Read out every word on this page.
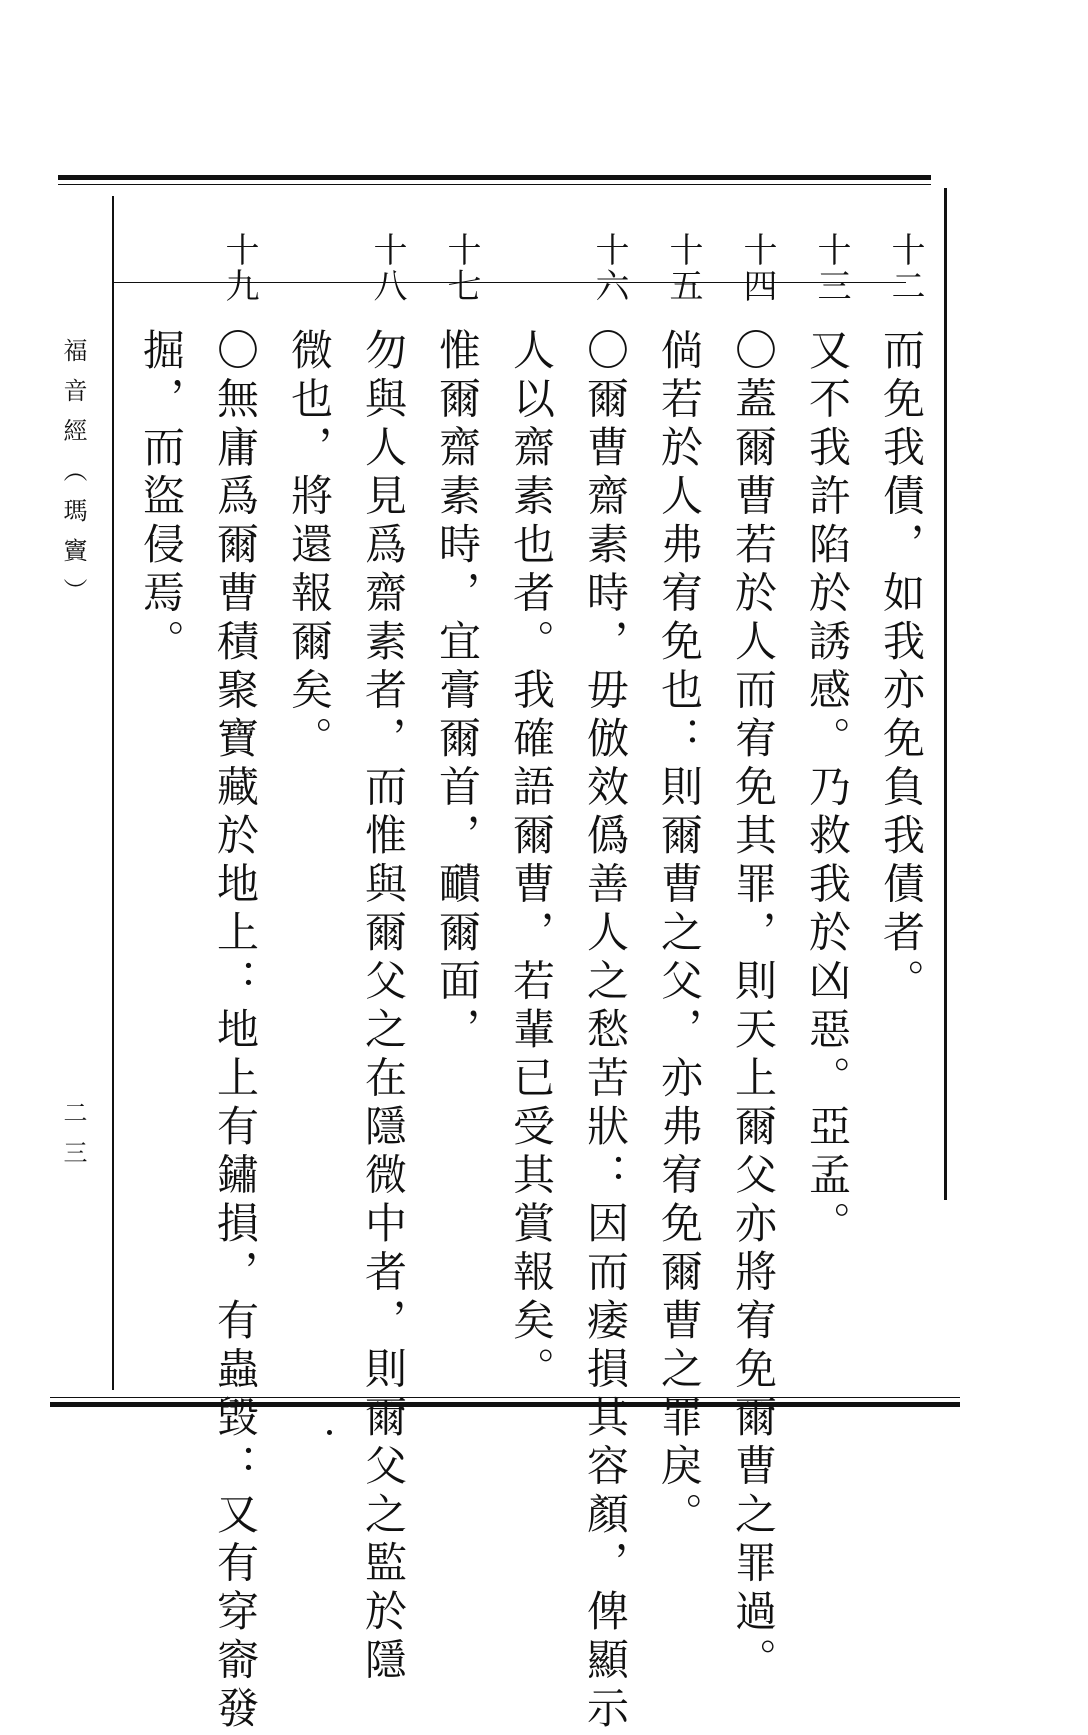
福音經（瑪竇）
二三
十二
十三
十四
十五
十六
十七
十八
十九
而免我債，如我亦免負我債者。
又不我許陷於誘感。乃救我於凶惡。亞孟。
〇蓋爾曹若於人而宥免其罪，則天上爾父亦將宥免爾曹之罪過。
倘若於人弗宥免也：則爾曹之父，亦弗宥免爾曹之罪戾。
〇爾曹齋素時，毋倣效僞善人之愁苦狀：因而痿損其容顏，俾顯示
人以齋素也者。我確語爾曹，若輩已受其賞報矣。
惟爾齋素時，宜膏爾首，靧爾面，
勿與人見爲齋素者，而惟與爾父之在隱微中者，則爾父之監於隱
微也，將還報爾矣。
〇無庸爲爾曹積聚寶藏於地上：地上有鏽損，有蟲毀：又有穿窬發
掘，而盜侵焉。
